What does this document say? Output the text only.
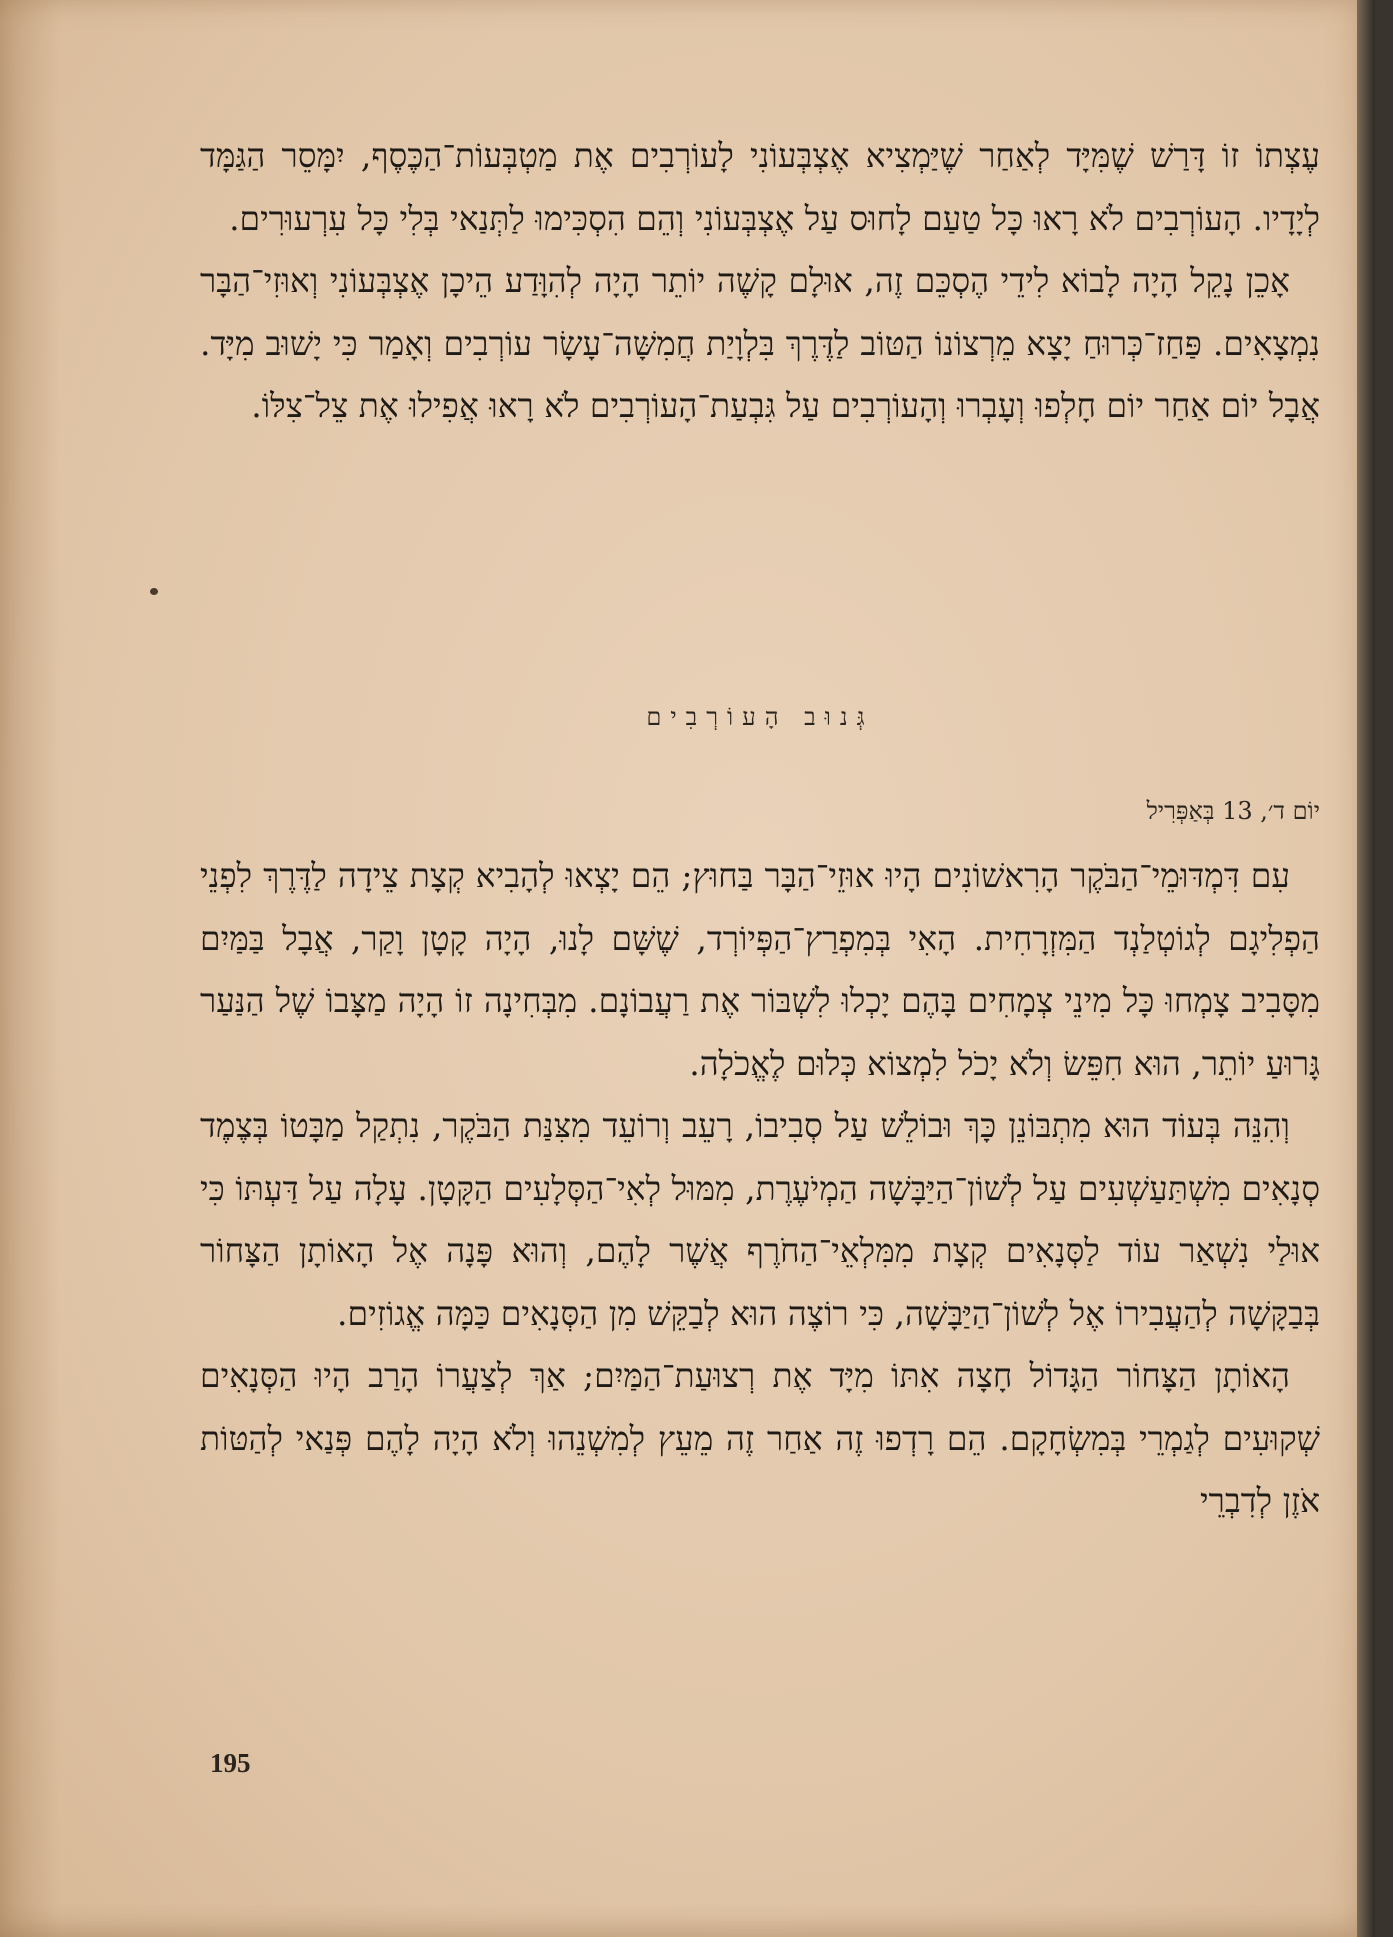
עֶצְתוֹ זוֹ דָּרַשׁ שֶׁמִּיָּד לְאַחַר שֶׁיַּמְצִיא אֶצְבְּעוֹנִי לָעוֹרְבִים אֶת מַטְבְּעוֹת־הַכֶּסֶף, יִמָּסֵר הַגַּמָּד לְיָדָיו. הָעוֹרְבִים לֹא רָאוּ כָּל טַעַם לָחוּס עַל אֶצְבְּעוֹנִי וְהֵם הִסְכִּימוּ לַתְּנַאי בְּלִי כָּל עִרְעוּרִים.

אָכֵן נָקֵל הָיָה לָבוֹא לִידֵי הֶסְכֵּם זֶה, אוּלָם קָשֶׁה יוֹתֵר הָיָה לְהִוָּדַע הֵיכָן אֶצְבְּעוֹנִי וְאוּזִי־הַבָּר נִמְצָאִים. פַּחַז־כְּרוּחַ יָצָא מֵרְצוֹנוֹ הַטּוֹב לַדֶּרֶךְ בִּלְוָיַת חֲמִשָּׁה־עָשָׂר עוֹרְבִים וְאָמַר כִּי יָשׁוּב מִיָּד. אֲבָל יוֹם אַחַר יוֹם חָלְפוּ וְעָבְרוּ וְהָעוֹרְבִים עַל גִּבְעַת־הָעוֹרְבִים לֹא רָאוּ אֲפִילוּ אֶת צֵל־צִלּוֹ.

גְּנוּב הָעוֹרְבִים
יוֹם ד׳, 13 בְּאַפְּרִיל

עִם דִּמְדּוּמֵי־הַבֹּקֶר הָרִאשׁוֹנִים הָיוּ אוּזֵי־הַבָּר בַּחוּץ; הֵם יָצְאוּ לְהָבִיא קְצָת צֵידָה לַדֶּרֶךְ לִפְנֵי הַפְלִיגָם לְגוֹטְלַנְד הַמִּזְרָחִית. הָאִי בְּמִפְרַץ־הַפְּיוֹרְד, שֶׁשָּׁם לָנוּ, הָיָה קָטָן וָקַר, אֲבָל בַּמַּיִם מִסָּבִיב צָמְחוּ כָּל מִינֵי צְמָחִים בָּהֶם יָכְלוּ לִשְׁבּוֹר אֶת רַעֲבוֹנָם. מִבְּחִינָה זוֹ הָיָה מַצָּבוֹ שֶׁל הַנַּעַר גָּרוּעַ יוֹתֵר, הוּא חִפֵּשׂ וְלֹא יָכֹל לִמְצוֹא כְּלוּם לֶאֱכֹלָה.

וְהִנֵּה בְּעוֹד הוּא מִתְבּוֹנֵן כָּךְ וּבוֹלֵשׁ עַל סְבִיבוֹ, רָעֵב וְרוֹעֵד מִצִּנַּת הַבֹּקֶר, נִתְקַל מַבָּטוֹ בְּצֶמֶד סְנָאִים מִשְׁתַּעַשְׁעִים עַל לְשׁוֹן־הַיַּבָּשָׁה הַמְיֹעֶרֶת, מִמּוּל לְאִי־הַסְּלָעִים הַקָּטָן. עָלָה עַל דַּעְתּוֹ כִּי אוּלַי נִשְׁאַר עוֹד לַסְּנָאִים קְצָת מִמִּלְאֵי־הַחֹרֶף אֲשֶׁר לָהֶם, וְהוּא פָּנָה אֶל הָאוֹתָן הַצָּחוֹר בְּבַקָּשָׁה לְהַעֲבִירוֹ אֶל לְשׁוֹן־הַיַּבָּשָׁה, כִּי רוֹצֶה הוּא לְבַקֵּשׁ מִן הַסְּנָאִים כַּמָּה אֱגוֹזִים.

הָאוֹתָן הַצָּחוֹר הַגָּדוֹל חָצָה אִתּוֹ מִיָּד אֶת רְצוּעַת־הַמַּיִם; אַךְ לְצַעֲרוֹ הָרַב הָיוּ הַסְּנָאִים שְׁקוּעִים לְגַמְרֵי בְּמִשְׂחָקָם. הֵם רָדְפוּ זֶה אַחַר זֶה מֵעֵץ לְמִשְׁנֵהוּ וְלֹא הָיָה לָהֶם פְּנַאי לְהַטּוֹת אֹזֶן לְדִבְרֵי

195
